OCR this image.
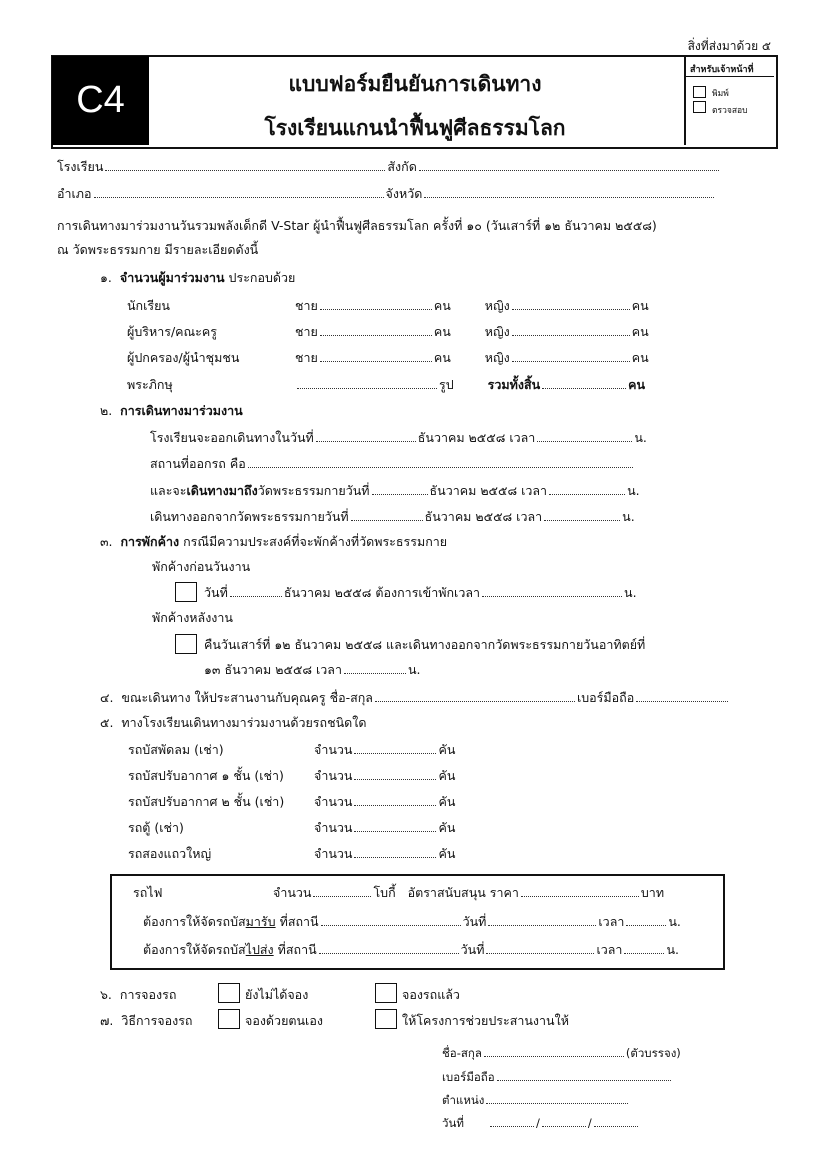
สิ่งที่ส่งมาด้วย ๕
C4	แบบฟอร์มยืนยันการเดินทาง
โรงเรียนแกนนำฟื้นฟูศีลธรรมโลก
สำหรับเจ้าหน้าที่
พิมพ์
ตรวจสอบ
โรงเรียน	สังกัด
อำเภอ	จังหวัด
การเดินทางมาร่วมงานวันรวมพลังเด็กดี V-Star ผู้นำฟื้นฟูศีลธรรมโลก ครั้งที่ ๑๐ (วันเสาร์ที่ ๑๒ ธันวาคม ๒๕๕๘)
ณ วัดพระธรรมกาย มีรายละเอียดดังนี้
๑. จำนวนผู้มาร่วมงาน ประกอบด้วย
นักเรียน	ชาย	คน	หญิง	คน
ผู้บริหาร/คณะครู	ชาย	คน	หญิง	คน
ผู้ปกครอง/ผู้นำชุมชน	ชาย	คน	หญิง	คน
พระภิกษุ	รูป	รวมทั้งสิ้น	คน
๒. การเดินทางมาร่วมงาน
โรงเรียนจะออกเดินทางในวันที่	ธันวาคม ๒๕๕๘ เวลา	น.
สถานที่ออกรถ คือ
และจะเดินทางมาถึงวัดพระธรรมกายวันที่	ธันวาคม ๒๕๕๘ เวลา	น.
เดินทางออกจากวัดพระธรรมกายวันที่	ธันวาคม ๒๕๕๘ เวลา	น.
๓. การพักค้าง กรณีมีความประสงค์ที่จะพักค้างที่วัดพระธรรมกาย
พักค้างก่อนวันงาน
วันที่	ธันวาคม ๒๕๕๘ ต้องการเข้าพักเวลา	น.
พักค้างหลังงาน
คืนวันเสาร์ที่ ๑๒ ธันวาคม ๒๕๕๘ และเดินทางออกจากวัดพระธรรมกายวันอาทิตย์ที่
๑๓ ธันวาคม ๒๕๕๘ เวลา	น.
๔. ขณะเดินทาง ให้ประสานงานกับคุณครู ชื่อ-สกุล	เบอร์มือถือ
๕. ทางโรงเรียนเดินทางมาร่วมงานด้วยรถชนิดใด
รถบัสพัดลม (เช่า)	จำนวน	คัน
รถบัสปรับอากาศ ๑ ชั้น (เช่า) จำนวน	คัน
รถบัสปรับอากาศ ๒ ชั้น (เช่า) จำนวน	คัน
รถตู้ (เช่า)	จำนวน	คัน
รถสองแถวใหญ่	จำนวน	คัน
รถไฟ	จำนวน	โบกี้ อัตราสนับสนุน ราคา	บาท
ต้องการให้จัดรถบัสมารับ ที่สถานี	วันที่	เวลา	น.
ต้องการให้จัดรถบัสไปส่ง ที่สถานี	วันที่	เวลา	น.
๖. การจองรถ	ยังไม่ได้จอง	จองรถแล้ว
๗. วิธีการจองรถ	จองด้วยตนเอง	ให้โครงการช่วยประสานงานให้
ชื่อ-สกุล	(ตัวบรรจง)
เบอร์มือถือ
ตำแหน่ง
วันที่	/	/
